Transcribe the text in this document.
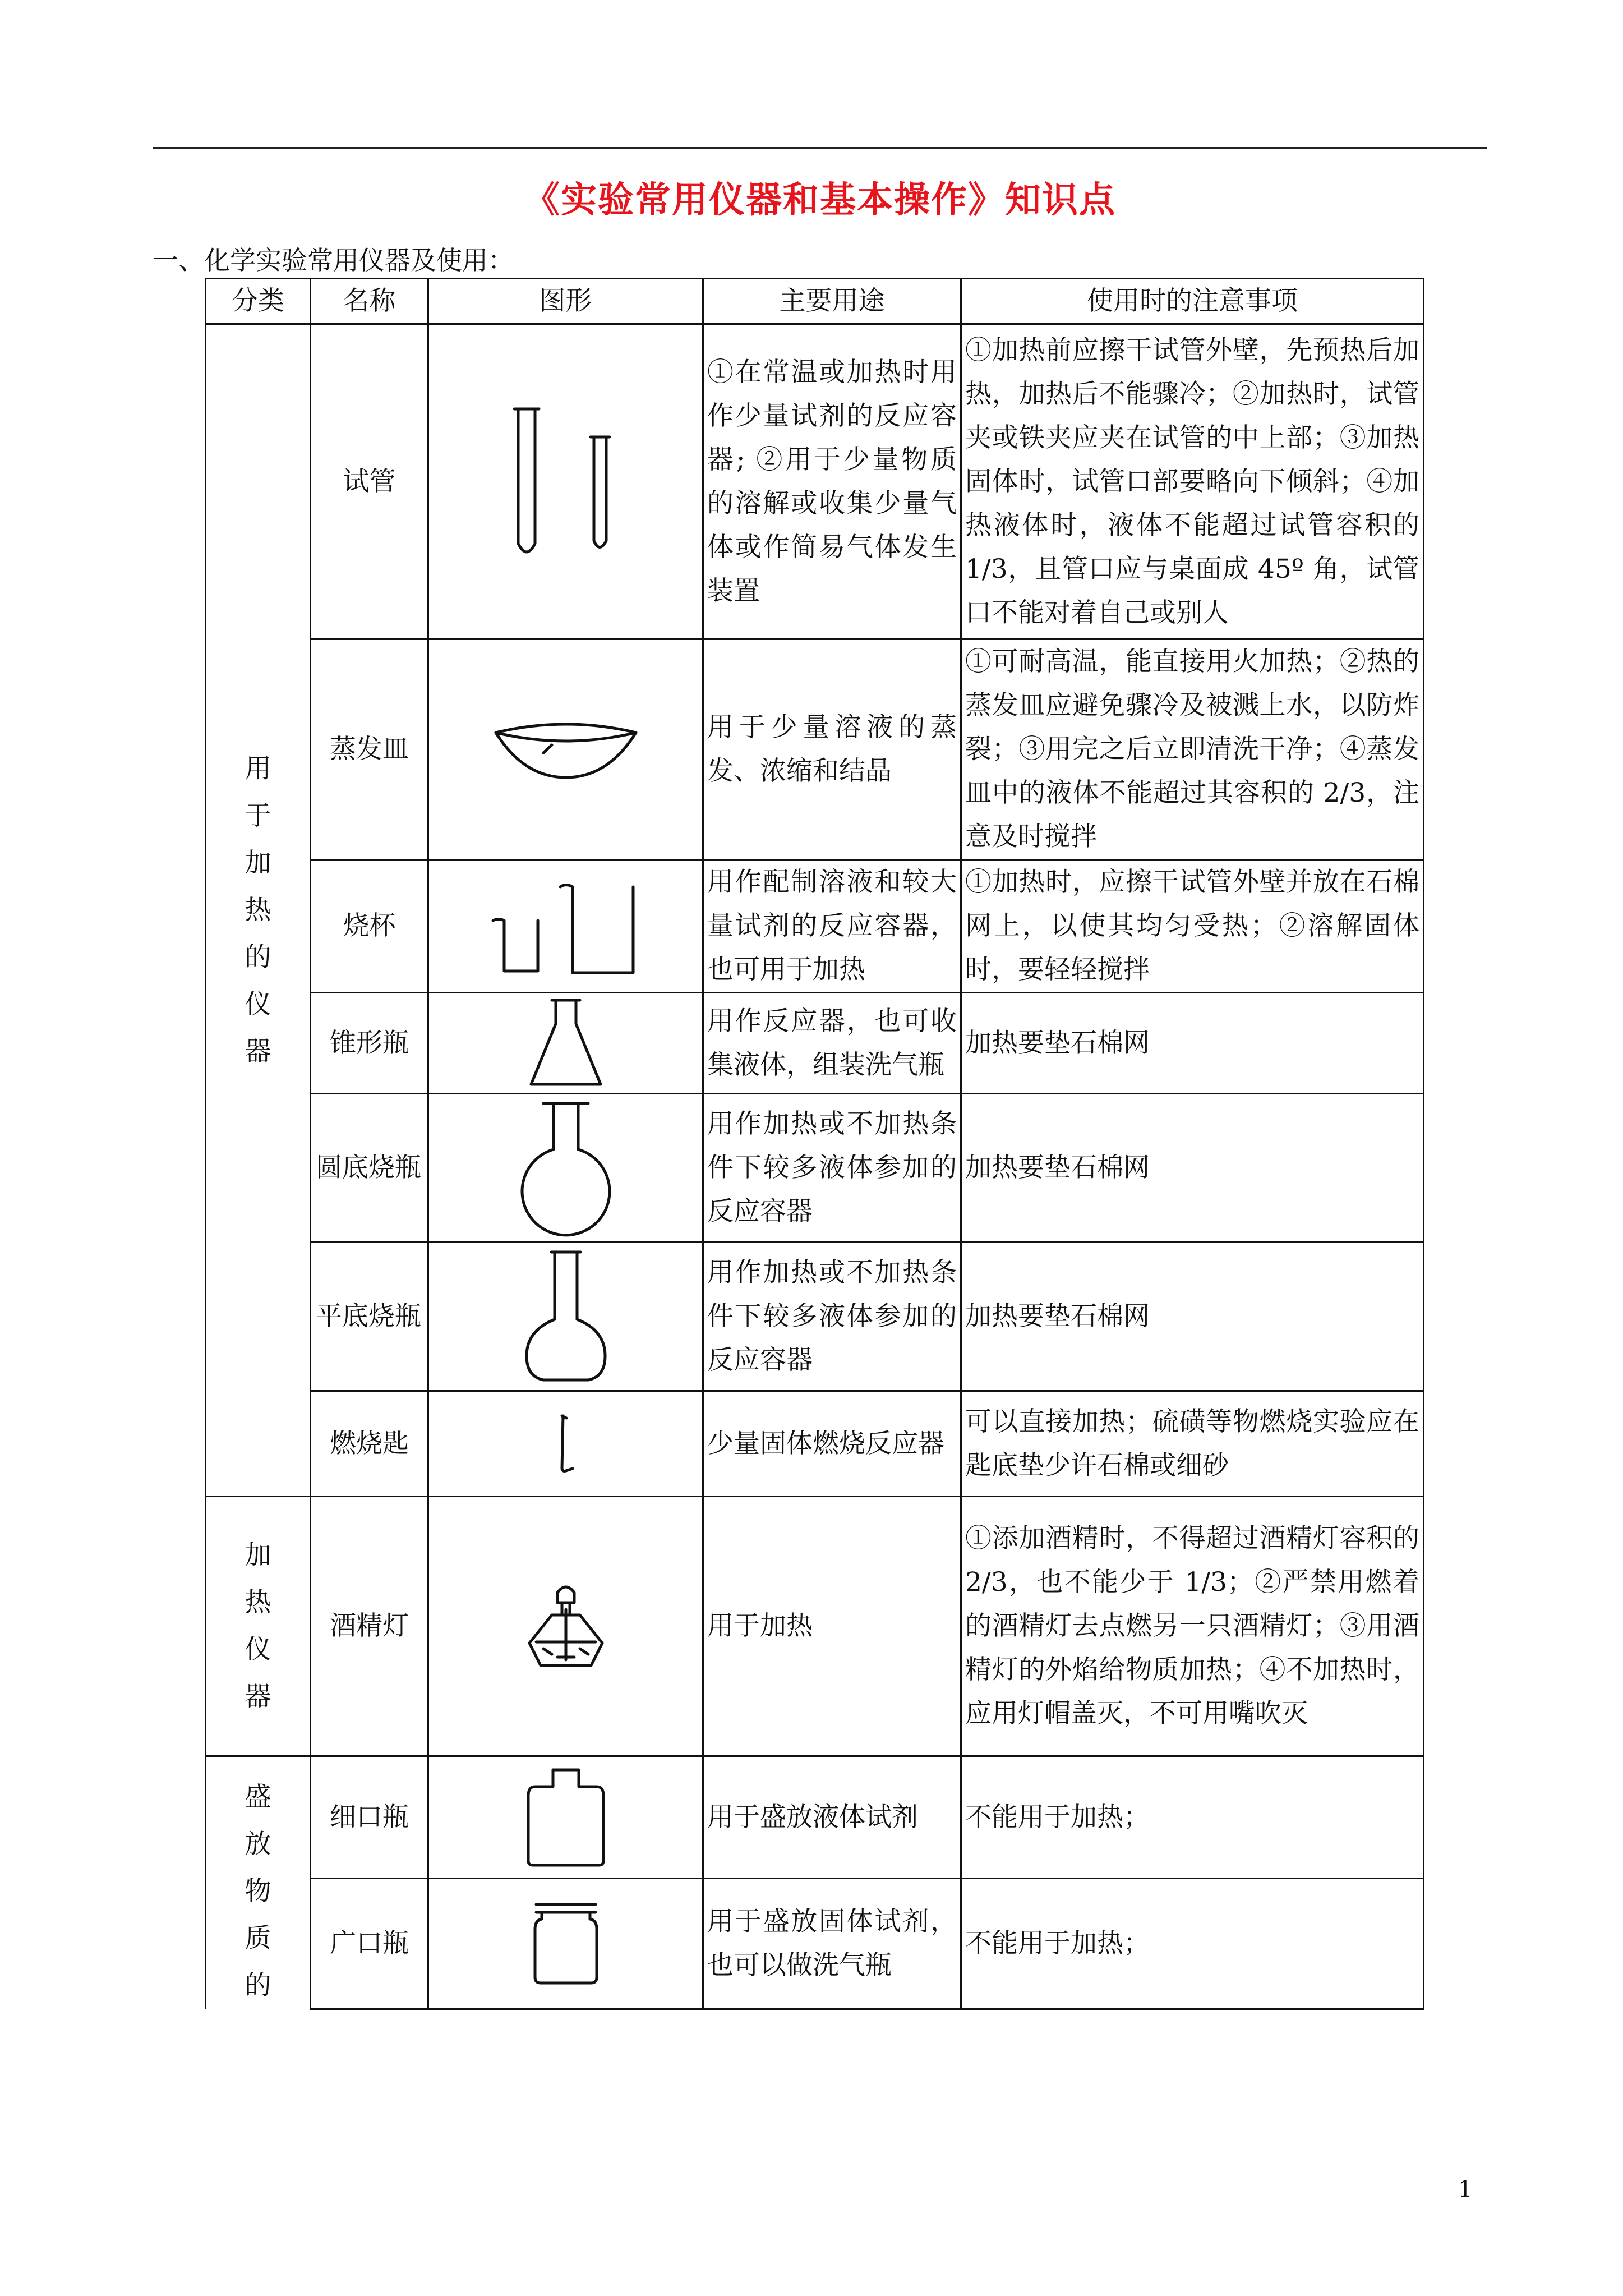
《实验常用仪器和基本操作》知识点
一、化学实验常用仪器及使用：
分类	名称	图形	主要用途	使用时的注意事项
用于加热的仪器	试管		①在常温或加热时用作少量试剂的反应容器; ②用于少量物质的溶解或收集少量气体或作简易气体发生装置	①加热前应擦干试管外壁，先预热后加热，加热后不能骤冷；②加热时，试管夹或铁夹应夹在试管的中上部；③加热固体时，试管口部要略向下倾斜；④加热液体时，液体不能超过试管容积的 1/3，且管口应与桌面成 45º 角，试管口不能对着自己或别人
	蒸发皿		用于少量溶液的蒸发、浓缩和结晶	①可耐高温，能直接用火加热；②热的蒸发皿应避免骤冷及被溅上水，以防炸裂；③用完之后立即清洗干净；④蒸发皿中的液体不能超过其容积的 2/3，注意及时搅拌
	烧杯		用作配制溶液和较大量试剂的反应容器，也可用于加热	①加热时，应擦干试管外壁并放在石棉网上，以使其均匀受热；②溶解固体时，要轻轻搅拌
	锥形瓶		用作反应器，也可收集液体，组装洗气瓶	加热要垫石棉网
	圆底烧瓶		用作加热或不加热条件下较多液体参加的反应容器	加热要垫石棉网
	平底烧瓶		用作加热或不加热条件下较多液体参加的反应容器	加热要垫石棉网
	燃烧匙		少量固体燃烧反应器	可以直接加热；硫磺等物燃烧实验应在匙底垫少许石棉或细砂
加热仪器	酒精灯		用于加热	①添加酒精时，不得超过酒精灯容积的 2/3，也不能少于 1/3；②严禁用燃着的酒精灯去点燃另一只酒精灯；③用酒精灯的外焰给物质加热；④不加热时，应用灯帽盖灭，不可用嘴吹灭
盛放物质的	细口瓶		用于盛放液体试剂	不能用于加热；
	广口瓶		用于盛放固体试剂，也可以做洗气瓶	不能用于加热；
1
